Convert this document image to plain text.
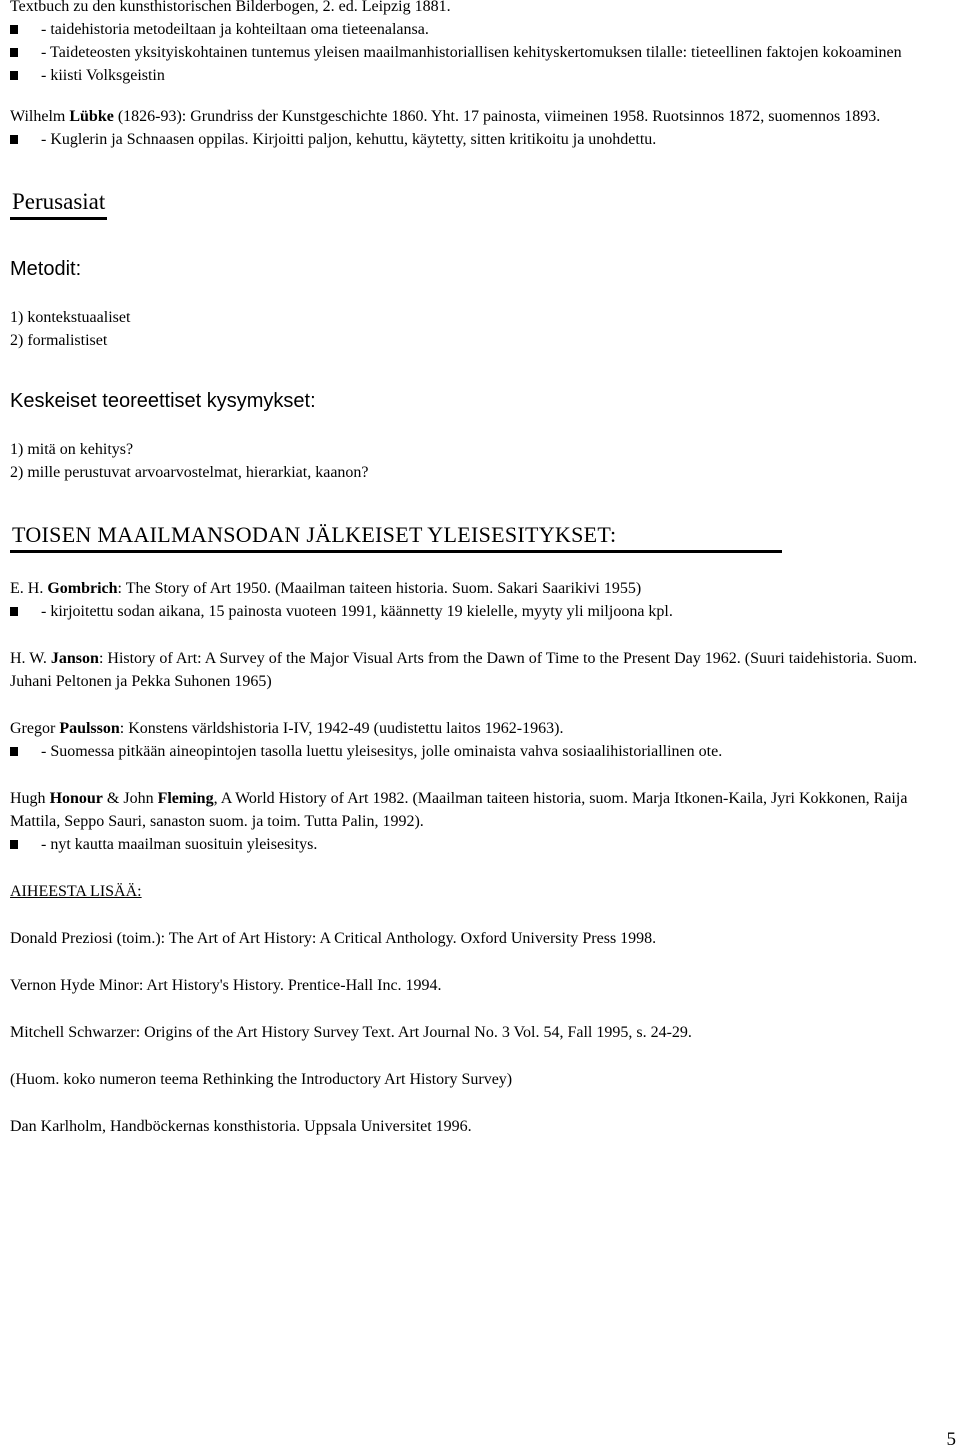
Textbuch zu den kunsthistorischen Bilderbogen, 2. ed. Leipzig 1881.
- taidehistoria metodeiltaan ja kohteiltaan oma tieteenalansa.
- Taideteosten yksityiskohtainen tuntemus yleisen maailmanhistoriallisen kehityskertomuksen tilalle: tieteellinen faktojen kokoaminen
- kiisti Volksgeistin
Wilhelm Lübke (1826-93): Grundriss der Kunstgeschichte 1860. Yht. 17 painosta, viimeinen 1958. Ruotsinnos 1872, suomennos 1893.
- Kuglerin ja Schnaasen oppilas. Kirjoitti paljon, kehuttu, käytetty, sitten kritikoitu ja unohdettu.
Perusasiat
Metodit:
1) kontekstuaaliset
2) formalistiset
Keskeiset teoreettiset kysymykset:
1) mitä on kehitys?
2) mille perustuvat arvoarvostelmat, hierarkiat, kaanon?
TOISEN MAAILMANSODAN JÄLKEISET YLEISESITYKSET:
E. H. Gombrich: The Story of Art 1950. (Maailman taiteen historia. Suom. Sakari Saarikivi 1955)
- kirjoitettu sodan aikana, 15 painosta vuoteen 1991, käännetty 19 kielelle, myyty yli miljoona kpl.
H. W. Janson: History of Art: A Survey of the Major Visual Arts from the Dawn of Time to the Present Day 1962. (Suuri taidehistoria. Suom. Juhani Peltonen ja Pekka Suhonen 1965)
Gregor Paulsson: Konstens världshistoria I-IV, 1942-49 (uudistettu laitos 1962-1963).
- Suomessa pitkään aineopintojen tasolla luettu yleisesitys, jolle ominaista vahva sosiaalihistoriallinen ote.
Hugh Honour & John Fleming, A World History of Art 1982. (Maailman taiteen historia, suom. Marja Itkonen-Kaila, Jyri Kokkonen, Raija Mattila, Seppo Sauri, sanaston suom. ja toim. Tutta Palin, 1992).
- nyt kautta maailman suosituin yleisesitys.
AIHEESTA LISÄÄ:
Donald Preziosi (toim.): The Art of Art History: A Critical Anthology. Oxford University Press 1998.
Vernon Hyde Minor: Art History's History. Prentice-Hall Inc. 1994.
Mitchell Schwarzer: Origins of the Art History Survey Text. Art Journal No. 3 Vol. 54, Fall 1995, s. 24-29.
(Huom. koko numeron teema Rethinking the Introductory Art History Survey)
Dan Karlholm, Handböckernas konsthistoria. Uppsala Universitet 1996.
5
